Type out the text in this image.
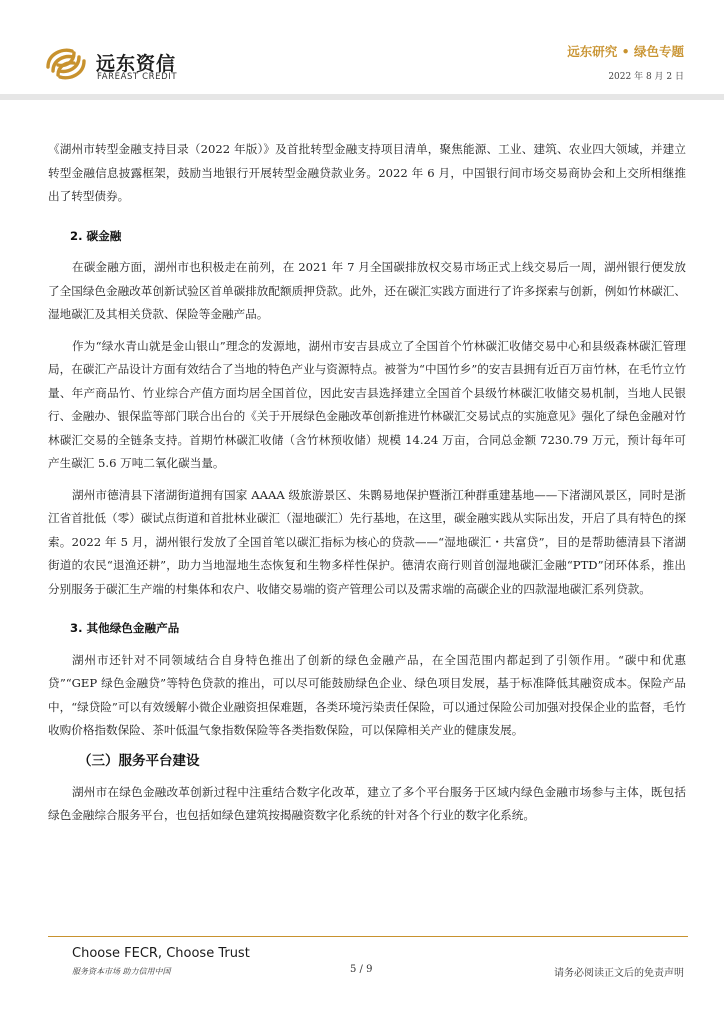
远东资信
FAREAST CREDIT
远东研究 • 绿色专题
2022 年 8 月 2 日

《湖州市转型金融支持目录（2022 年版）》及首批转型金融支持项目清单，聚焦能源、工业、建筑、农业四大领域，并建立转型金融信息披露框架，鼓励当地银行开展转型金融贷款业务。2022 年 6 月，中国银行间市场交易商协会和上交所相继推出了转型债券。

2. 碳金融

在碳金融方面，湖州市也积极走在前列，在 2021 年 7 月全国碳排放权交易市场正式上线交易后一周，湖州银行便发放了全国绿色金融改革创新试验区首单碳排放配额质押贷款。此外，还在碳汇实践方面进行了许多探索与创新，例如竹林碳汇、湿地碳汇及其相关贷款、保险等金融产品。

作为“绿水青山就是金山银山”理念的发源地，湖州市安吉县成立了全国首个竹林碳汇收储交易中心和县级森林碳汇管理局，在碳汇产品设计方面有效结合了当地的特色产业与资源特点。被誉为“中国竹乡”的安吉县拥有近百万亩竹林，在毛竹立竹量、年产商品竹、竹业综合产值方面均居全国首位，因此安吉县选择建立全国首个县级竹林碳汇收储交易机制，当地人民银行、金融办、银保监等部门联合出台的《关于开展绿色金融改革创新推进竹林碳汇交易试点的实施意见》强化了绿色金融对竹林碳汇交易的全链条支持。首期竹林碳汇收储（含竹林预收储）规模 14.24 万亩，合同总金额 7230.79 万元，预计每年可产生碳汇 5.6 万吨二氧化碳当量。

湖州市德清县下渚湖街道拥有国家 AAAA 级旅游景区、朱鹮易地保护暨浙江种群重建基地——下渚湖风景区，同时是浙江省首批低（零）碳试点街道和首批林业碳汇（湿地碳汇）先行基地，在这里，碳金融实践从实际出发，开启了具有特色的探索。2022 年 5 月，湖州银行发放了全国首笔以碳汇指标为核心的贷款——“湿地碳汇・共富贷”，目的是帮助德清县下渚湖街道的农民“退渔还耕”，助力当地湿地生态恢复和生物多样性保护。德清农商行则首创湿地碳汇金融“PTD”闭环体系，推出分别服务于碳汇生产端的村集体和农户、收储交易端的资产管理公司以及需求端的高碳企业的四款湿地碳汇系列贷款。

3. 其他绿色金融产品

湖州市还针对不同领域结合自身特色推出了创新的绿色金融产品，在全国范围内都起到了引领作用。“碳中和优惠贷”“GEP 绿色金融贷”等特色贷款的推出，可以尽可能鼓励绿色企业、绿色项目发展，基于标准降低其融资成本。保险产品中，“绿贷险”可以有效缓解小微企业融资担保难题，各类环境污染责任保险，可以通过保险公司加强对投保企业的监督，毛竹收购价格指数保险、茶叶低温气象指数保险等各类指数保险，可以保障相关产业的健康发展。

（三）服务平台建设

湖州市在绿色金融改革创新过程中注重结合数字化改革，建立了多个平台服务于区域内绿色金融市场参与主体，既包括绿色金融综合服务平台，也包括如绿色建筑按揭融资数字化系统的针对各个行业的数字化系统。

Choose FECR, Choose Trust
服务资本市场 助力信用中国	5 / 9	请务必阅读正文后的免责声明
